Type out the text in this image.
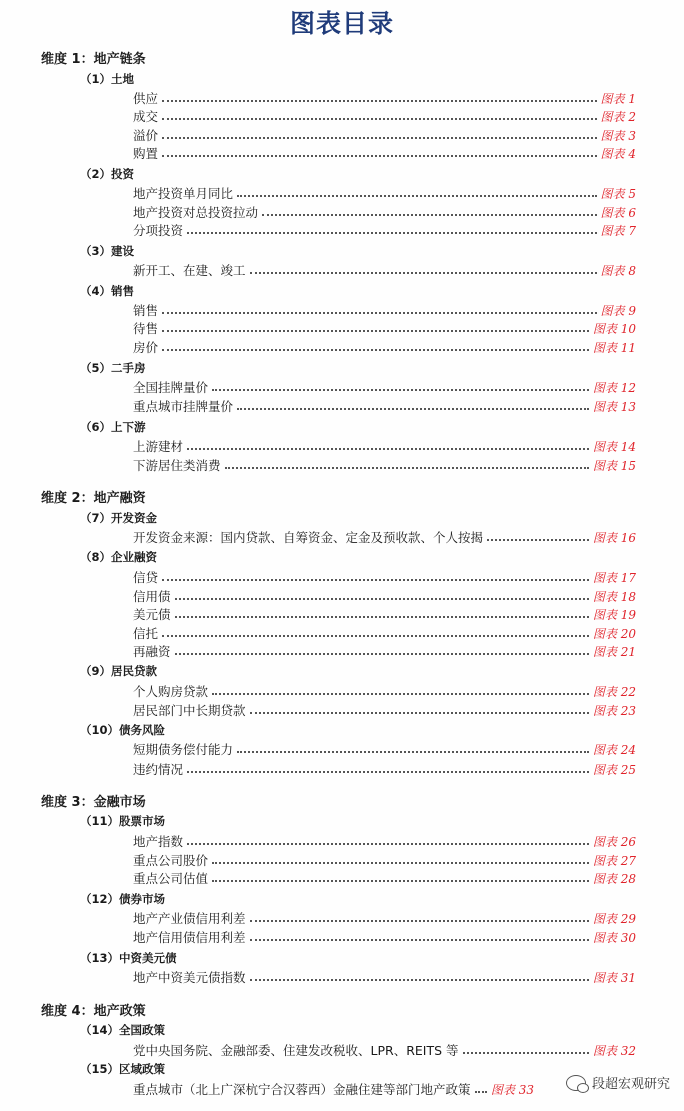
图表目录
维度 1：地产链条
维度 2：地产融资
维度 3：金融市场
维度 4：地产政策
（1）土地
（2）投资
（3）建设
（4）销售
（5）二手房
（6）上下游
（7）开发资金
（8）企业融资
（9）居民贷款
（10）债务风险
（11）股票市场
（12）债券市场
（13）中资美元债
（14）全国政策
（15）区域政策
供应	图表 1
成交	图表 2
溢价	图表 3
购置	图表 4
地产投资单月同比	图表 5
地产投资对总投资拉动	图表 6
分项投资	图表 7
新开工、在建、竣工	图表 8
销售	图表 9
待售	图表 10
房价	图表 11
全国挂牌量价	图表 12
重点城市挂牌量价	图表 13
上游建材	图表 14
下游居住类消费	图表 15
开发资金来源：国内贷款、自筹资金、定金及预收款、个人按揭	图表 16
信贷	图表 17
信用债	图表 18
美元债	图表 19
信托	图表 20
再融资	图表 21
个人购房贷款	图表 22
居民部门中长期贷款	图表 23
短期债务偿付能力	图表 24
违约情况	图表 25
地产指数	图表 26
重点公司股价	图表 27
重点公司估值	图表 28
地产产业债信用利差	图表 29
地产信用债信用利差	图表 30
地产中资美元债指数	图表 31
党中央国务院、金融部委、住建发改税收、LPR、REITS 等	图表 32
重点城市（北上广深杭宁合汉蓉西）金融住建等部门地产政策 图表 33	段超宏观研究
